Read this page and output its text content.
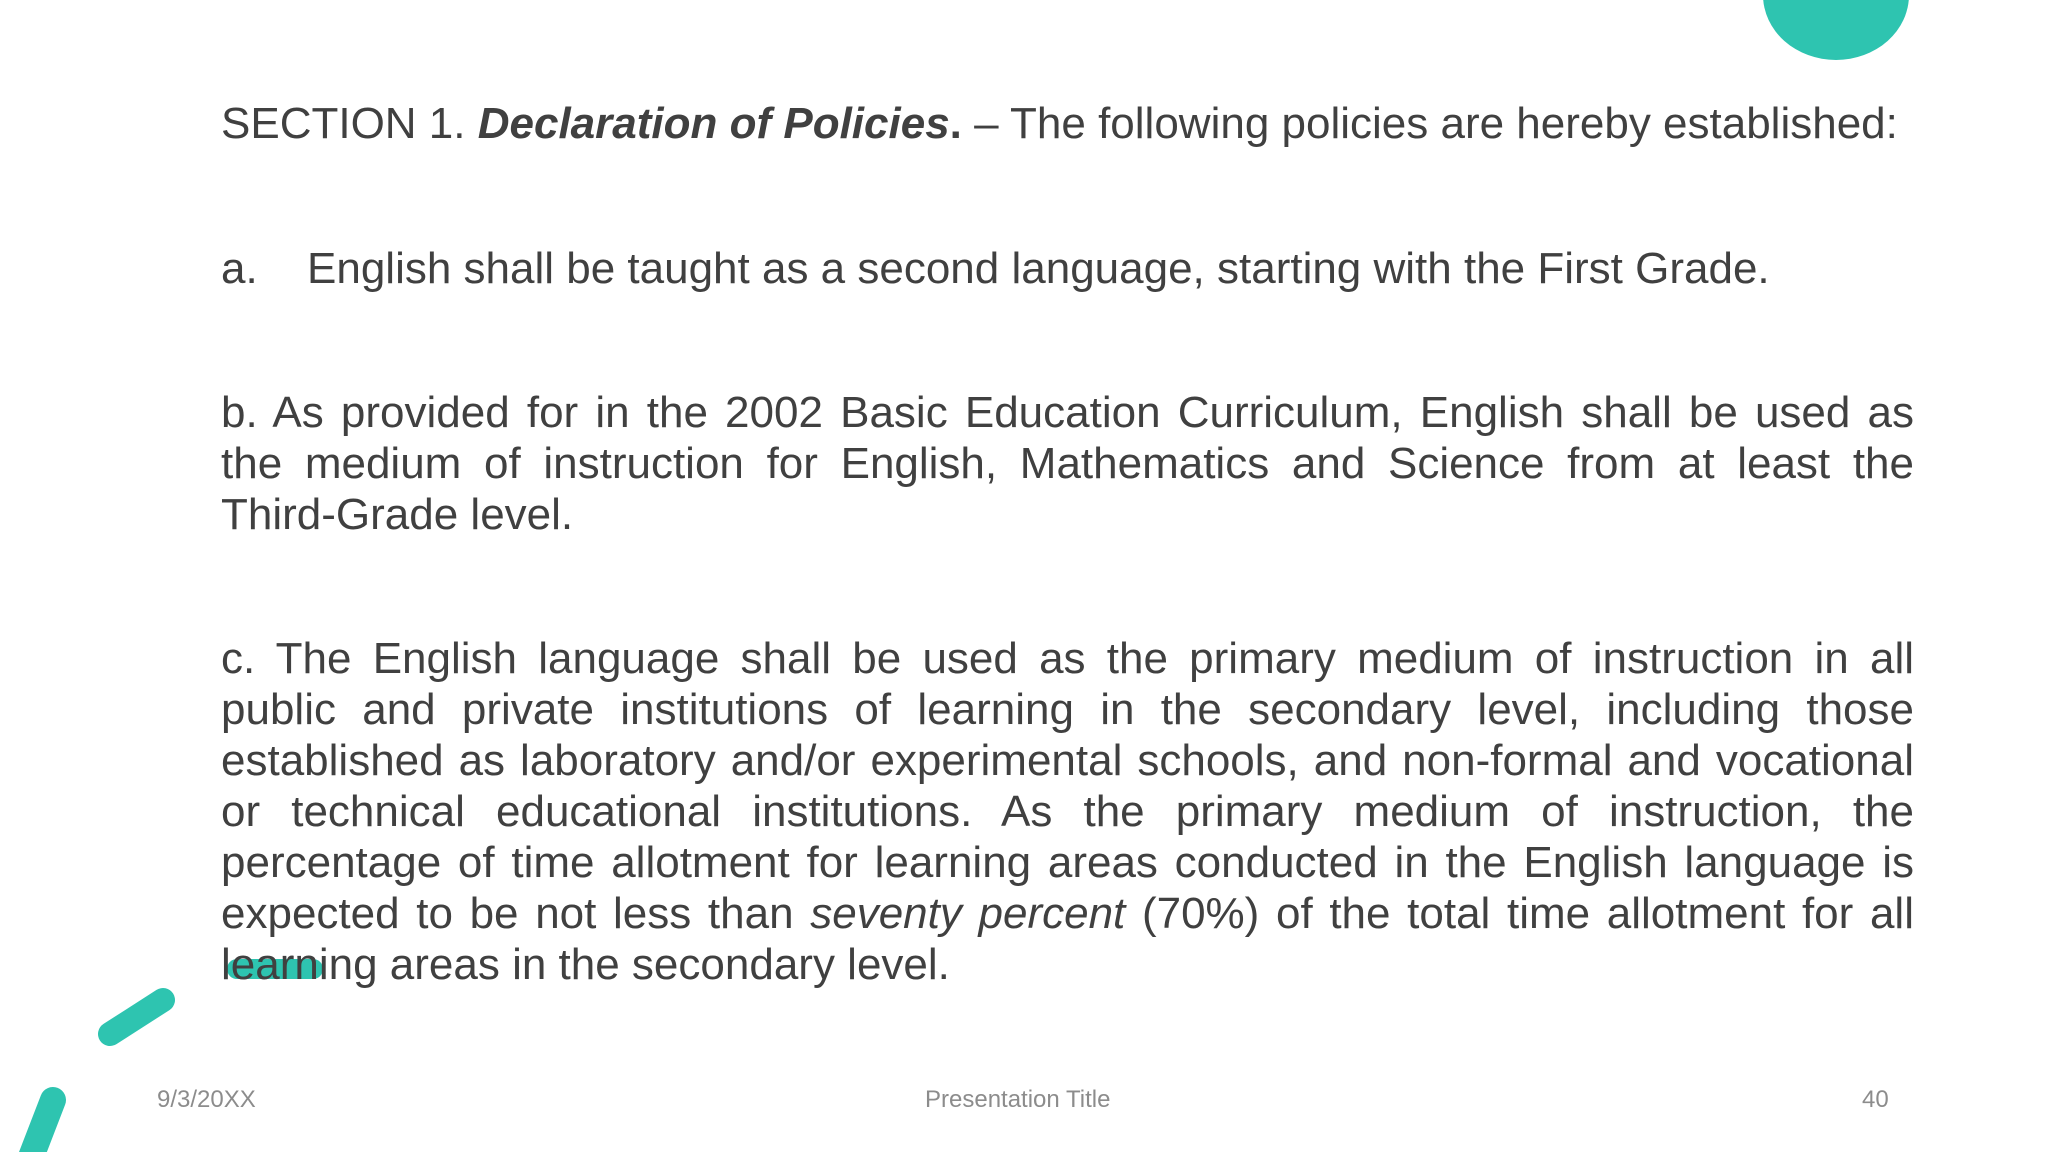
SECTION 1. Declaration of Policies. – The following policies are hereby established:

a. English shall be taught as a second language, starting with the First Grade.

b. As provided for in the 2002 Basic Education Curriculum, English shall be used as the medium of instruction for English, Mathematics and Science from at least the Third-Grade level.

c. The English language shall be used as the primary medium of instruction in all public and private institutions of learning in the secondary level, including those established as laboratory and/or experimental schools, and non-formal and vocational or technical educational institutions. As the primary medium of instruction, the percentage of time allotment for learning areas conducted in the English language is expected to be not less than seventy percent (70%) of the total time allotment for all learning areas in the secondary level.

9/3/20XX	Presentation Title	40
